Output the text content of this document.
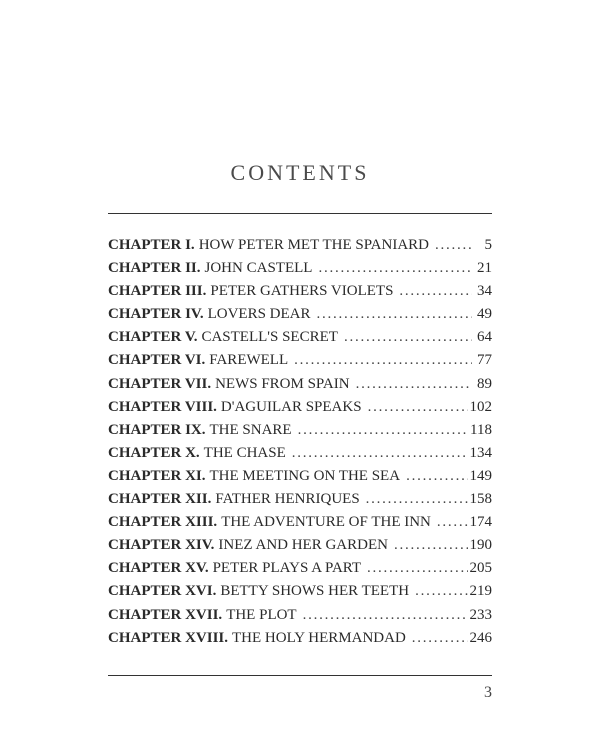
CONTENTS
CHAPTER I. HOW PETER MET THE SPANIARD . . .	5
CHAPTER II. JOHN CASTELL . . .	21
CHAPTER III. PETER GATHERS VIOLETS . . .	34
CHAPTER IV. LOVERS DEAR . . .	49
CHAPTER V. CASTELL'S SECRET . . .	64
CHAPTER VI. FAREWELL . . .	77
CHAPTER VII. NEWS FROM SPAIN . . .	89
CHAPTER VIII. D'AGUILAR SPEAKS . . .	102
CHAPTER IX. THE SNARE . . .	118
CHAPTER X. THE CHASE . . .	134
CHAPTER XI. THE MEETING ON THE SEA . . .	149
CHAPTER XII. FATHER HENRIQUES . . .	158
CHAPTER XIII. THE ADVENTURE OF THE INN . . .	174
CHAPTER XIV. INEZ AND HER GARDEN . . .	190
CHAPTER XV. PETER PLAYS A PART . . .	205
CHAPTER XVI. BETTY SHOWS HER TEETH . . .	219
CHAPTER XVII. THE PLOT . . .	233
CHAPTER XVIII. THE HOLY HERMANDAD . . .	246
3
